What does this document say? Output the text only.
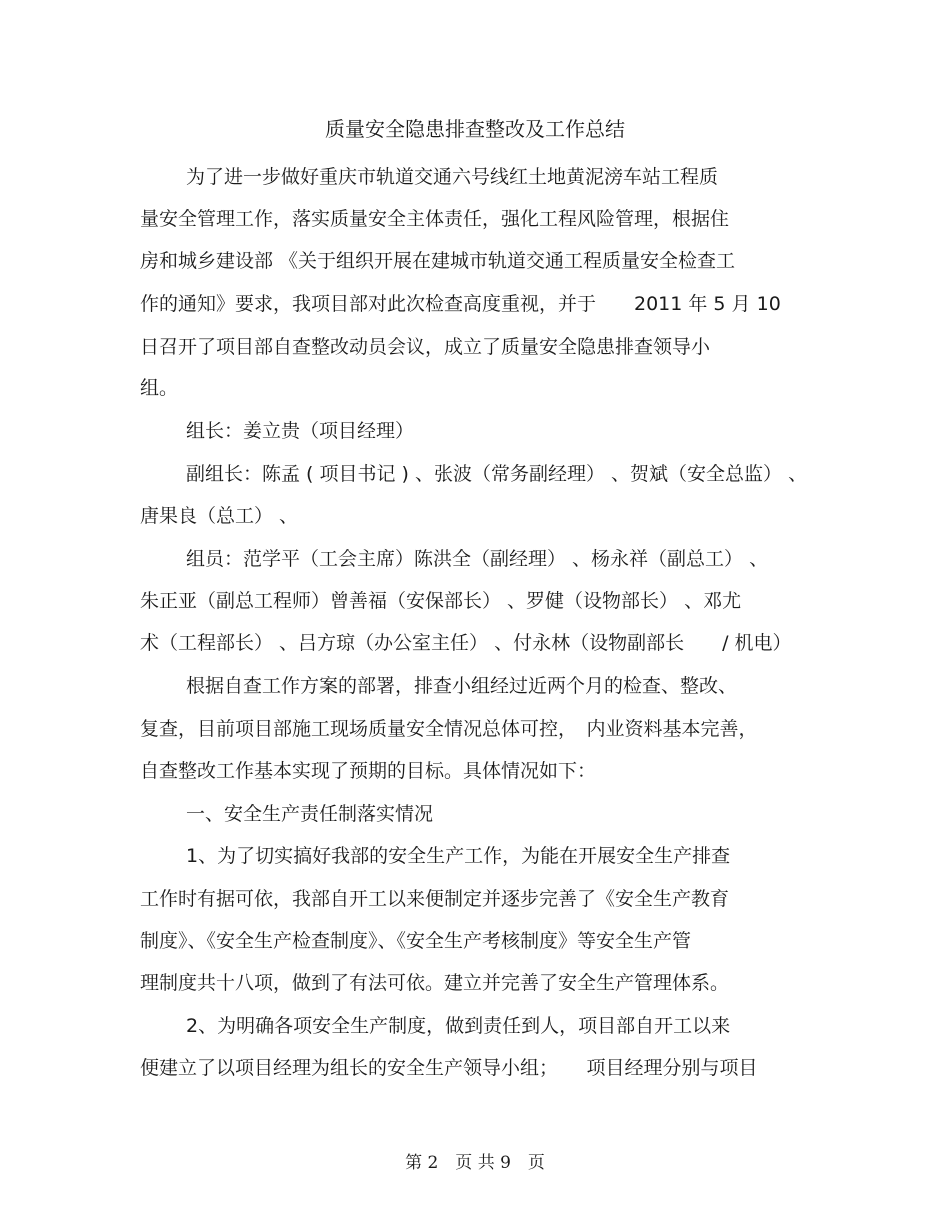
质量安全隐患排查整改及工作总结
为了进一步做好重庆市轨道交通六号线红土地黄泥滂车站工程质
量安全管理工作，落实质量安全主体责任，强化工程风险管理，根据住
房和城乡建设部 《关于组织开展在建城市轨道交通工程质量安全检查工
作的通知》要求，我项目部对此次检查高度重视，并于　　2011 年 5 月 10
日召开了项目部自查整改动员会议，成立了质量安全隐患排查领导小
组。
组长：姜立贵（项目经理）
副组长：陈孟 ( 项目书记 ) 、张波（常务副经理） 、贺斌（安全总监） 、
唐果良（总工） 、
组员：范学平（工会主席）陈洪全（副经理） 、杨永祥（副总工） 、
朱正亚（副总工程师）曾善福（安保部长） 、罗健（设物部长） 、邓尤
术（工程部长） 、吕方琼（办公室主任） 、付永林（设物副部长　　/ 机电）
根据自查工作方案的部署，排查小组经过近两个月的检查、整改、
复查，目前项目部施工现场质量安全情况总体可控，　内业资料基本完善，
自查整改工作基本实现了预期的目标。具体情况如下：
一、安全生产责任制落实情况
1、为了切实搞好我部的安全生产工作，为能在开展安全生产排查
工作时有据可依，我部自开工以来便制定并逐步完善了《安全生产教育
制度》、《安全生产检查制度》、《安全生产考核制度》等安全生产管
理制度共十八项，做到了有法可依。建立并完善了安全生产管理体系。
2、为明确各项安全生产制度，做到责任到人，项目部自开工以来
便建立了以项目经理为组长的安全生产领导小组；　　项目经理分别与项目
第 2　页 共 9　页
